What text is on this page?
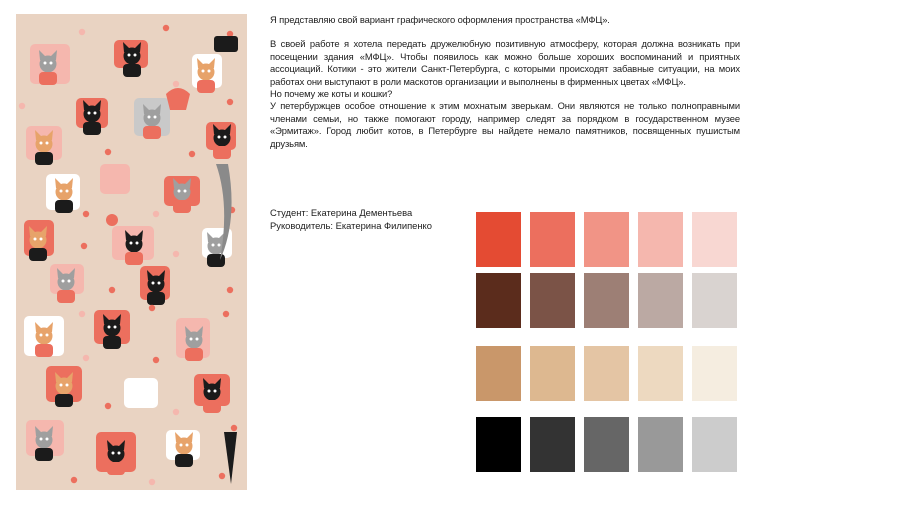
Я представляю свой вариант графического оформления пространства «МФЦ».

В своей работе я хотела передать дружелюбную позитивную атмосферу, которая должна возникать при посещении здания «МФЦ». Чтобы появилось как можно больше хороших воспоминаний и приятных ассоциаций. Котики - это жители Санкт-Петербурга, с которыми происходят забавные ситуации, на моих работах они выступают в роли маскотов организации и выполнены в фирменных цветах «МФЦ».

Но почему же коты и кошки?

У петербуржцев особое отношение к этим мохнатым зверькам. Они являются не только полноправными членами семьи, но также помогают городу, например следят за порядком в государственном музее «Эрмитаж». Город любит котов, в Петербурге вы найдете немало памятников, посвященных пушистым друзьям.

Студент: Екатерина Дементьева

Руководитель: Екатерина Филипенко
